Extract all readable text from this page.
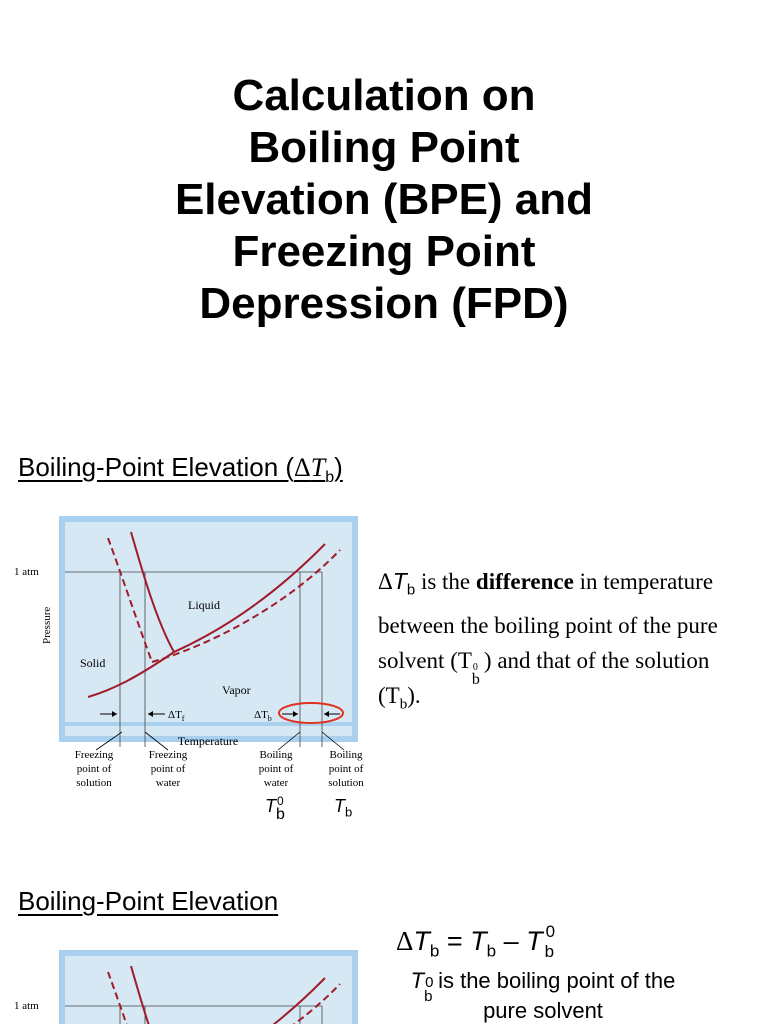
Calculation on
Boiling Point
Elevation (BPE) and
Freezing Point
Depression (FPD)
Boiling-Point Elevation $(\Delta T_b)$
1 atm
Pressure
Liquid
Solid
Vapor
$\Delta T_f$	$\Delta T_b$
Temperature
Freezing
point of
solution
Freezing
point of
water
Boiling
point of
water
Boiling
point of
solution
T 0
b	$T_b$
$\Delta T_b$ is the difference in temperature between the boiling point of the pure solvent (T 0
b
) and that of the solution $(T_b)$.
Boiling-Point Elevation
$\Delta T_b = T_b - T$ 0
b
T 0
b
is the boiling point of the pure solvent
1 atm
